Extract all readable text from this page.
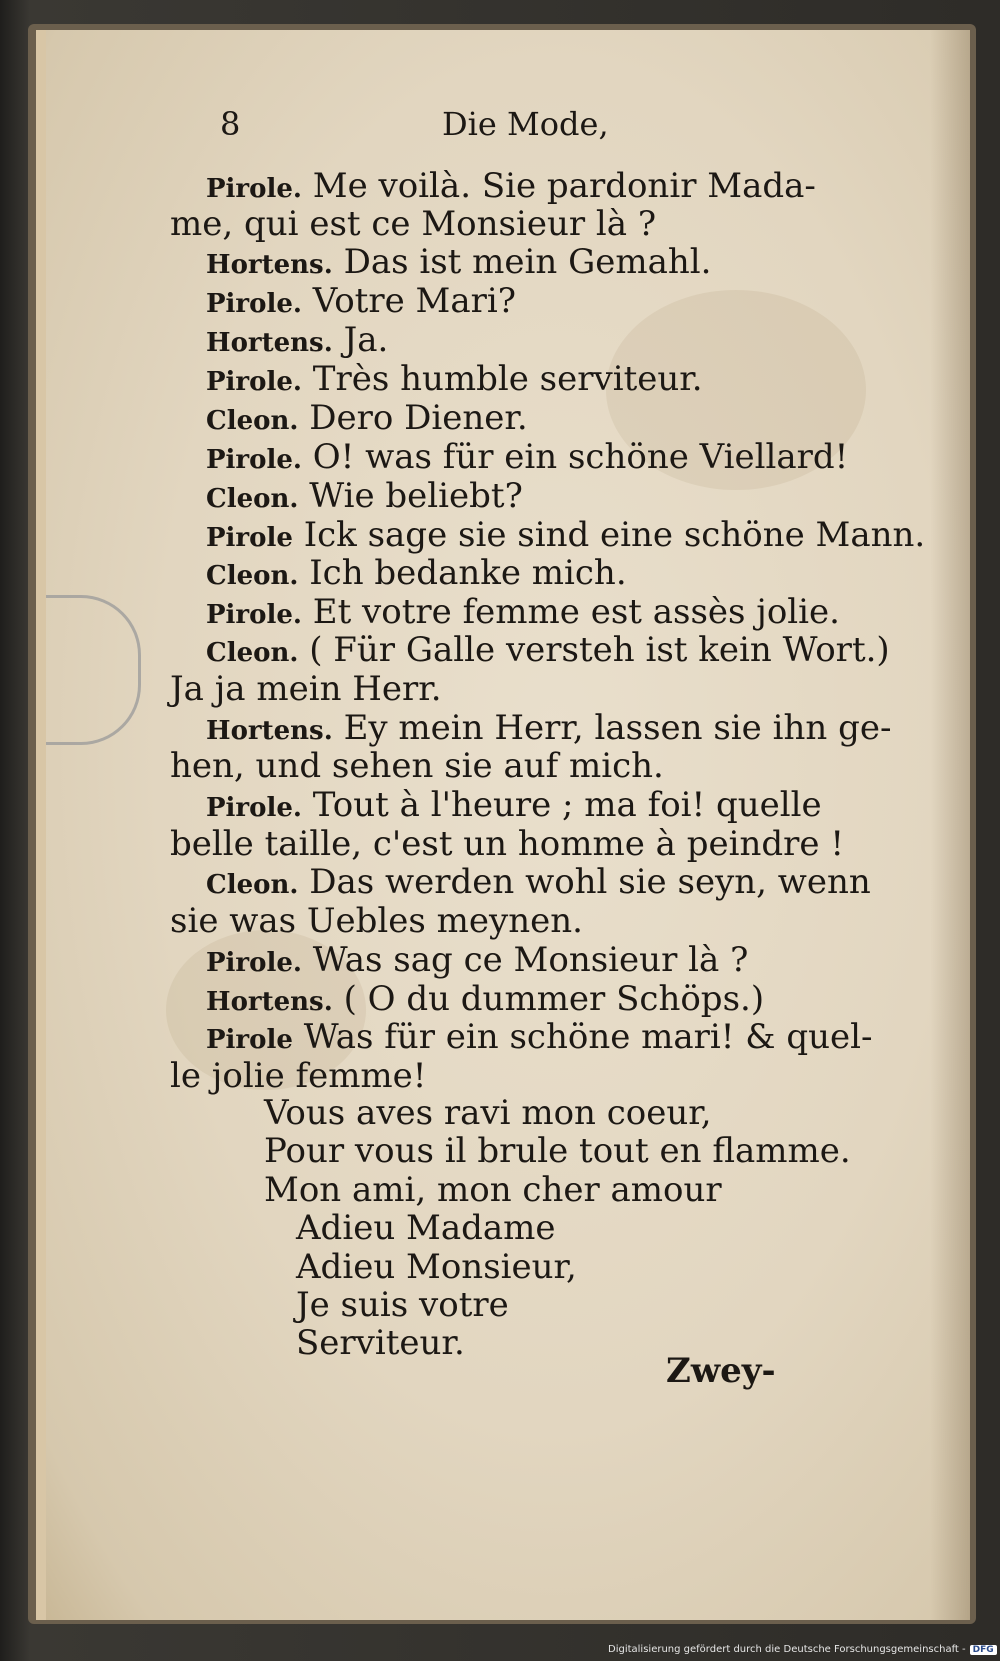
8	Die Mode,
Pirole. Me voilà. Sie pardonir Mada-
me, qui est ce Monsieur là ?
Hortens. Das ist mein Gemahl.
Pirole. Votre Mari?
Hortens. Ja.
Pirole. Très humble serviteur.
Cleon. Dero Diener.
Pirole. O! was für ein schöne Viellard!
Cleon. Wie beliebt?
Pirole Ick sage sie sind eine schöne Mann.
Cleon. Ich bedanke mich.
Pirole. Et votre femme est assès jolie.
Cleon. ( Für Galle versteh ist kein Wort.)
Ja ja mein Herr.
Hortens. Ey mein Herr, lassen sie ihn ge-
hen, und sehen sie auf mich.
Pirole. Tout à l'heure ; ma foi! quelle
belle taille, c'est un homme à peindre !
Cleon. Das werden wohl sie seyn, wenn
sie was Uebles meynen.
Pirole. Was sag ce Monsieur là ?
Hortens. ( O du dummer Schöps.)
Pirole Was für ein schöne mari! & quel-
le jolie femme!
Vous aves ravi mon coeur,
Pour vous il brule tout en flamme.
Mon ami, mon cher amour
Adieu Madame
Adieu Monsieur,
Je suis votre
Serviteur.
Zwey-
Digitalisierung gefördert durch die Deutsche Forschungsgemeinschaft - DFG
